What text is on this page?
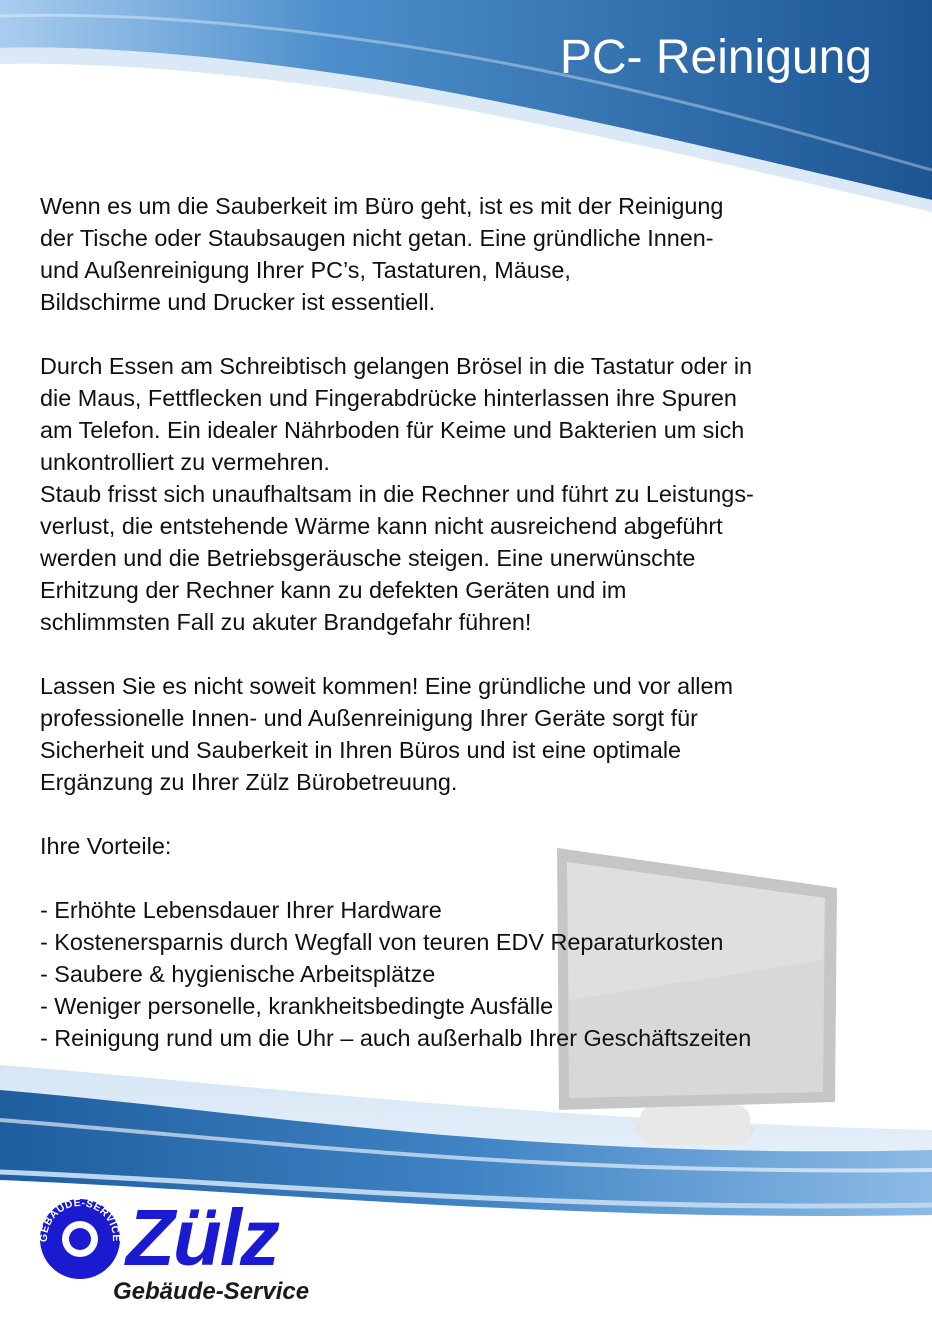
PC- Reinigung

Wenn es um die Sauberkeit im Büro geht, ist es mit der Reinigung
der Tische oder Staubsaugen nicht getan. Eine gründliche Innen-
und Außenreinigung Ihrer PC’s, Tastaturen, Mäuse,
Bildschirme und Drucker ist essentiell.

Durch Essen am Schreibtisch gelangen Brösel in die Tastatur oder in
die Maus, Fettflecken und Fingerabdrücke hinterlassen ihre Spuren
am Telefon. Ein idealer Nährboden für Keime und Bakterien um sich
unkontrolliert zu vermehren.
Staub frisst sich unaufhaltsam in die Rechner und führt zu Leistungs-
verlust, die entstehende Wärme kann nicht ausreichend abgeführt
werden und die Betriebsgeräusche steigen. Eine unerwünschte
Erhitzung der Rechner kann zu defekten Geräten und im
schlimmsten Fall zu akuter Brandgefahr führen!

Lassen Sie es nicht soweit kommen! Eine gründliche und vor allem
professionelle Innen- und Außenreinigung Ihrer Geräte sorgt für
Sicherheit und Sauberkeit in Ihren Büros und ist eine optimale
Ergänzung zu Ihrer Zülz Bürobetreuung.

Ihre Vorteile:

- Erhöhte Lebensdauer Ihrer Hardware
- Kostenersparnis durch Wegfall von teuren EDV Reparaturkosten
- Saubere & hygienische Arbeitsplätze
- Weniger personelle, krankheitsbedingte Ausfälle
- Reinigung rund um die Uhr – auch außerhalb Ihrer Geschäftszeiten
GEBÄUDE-SERVICE Zülz
Gebäude-Service
